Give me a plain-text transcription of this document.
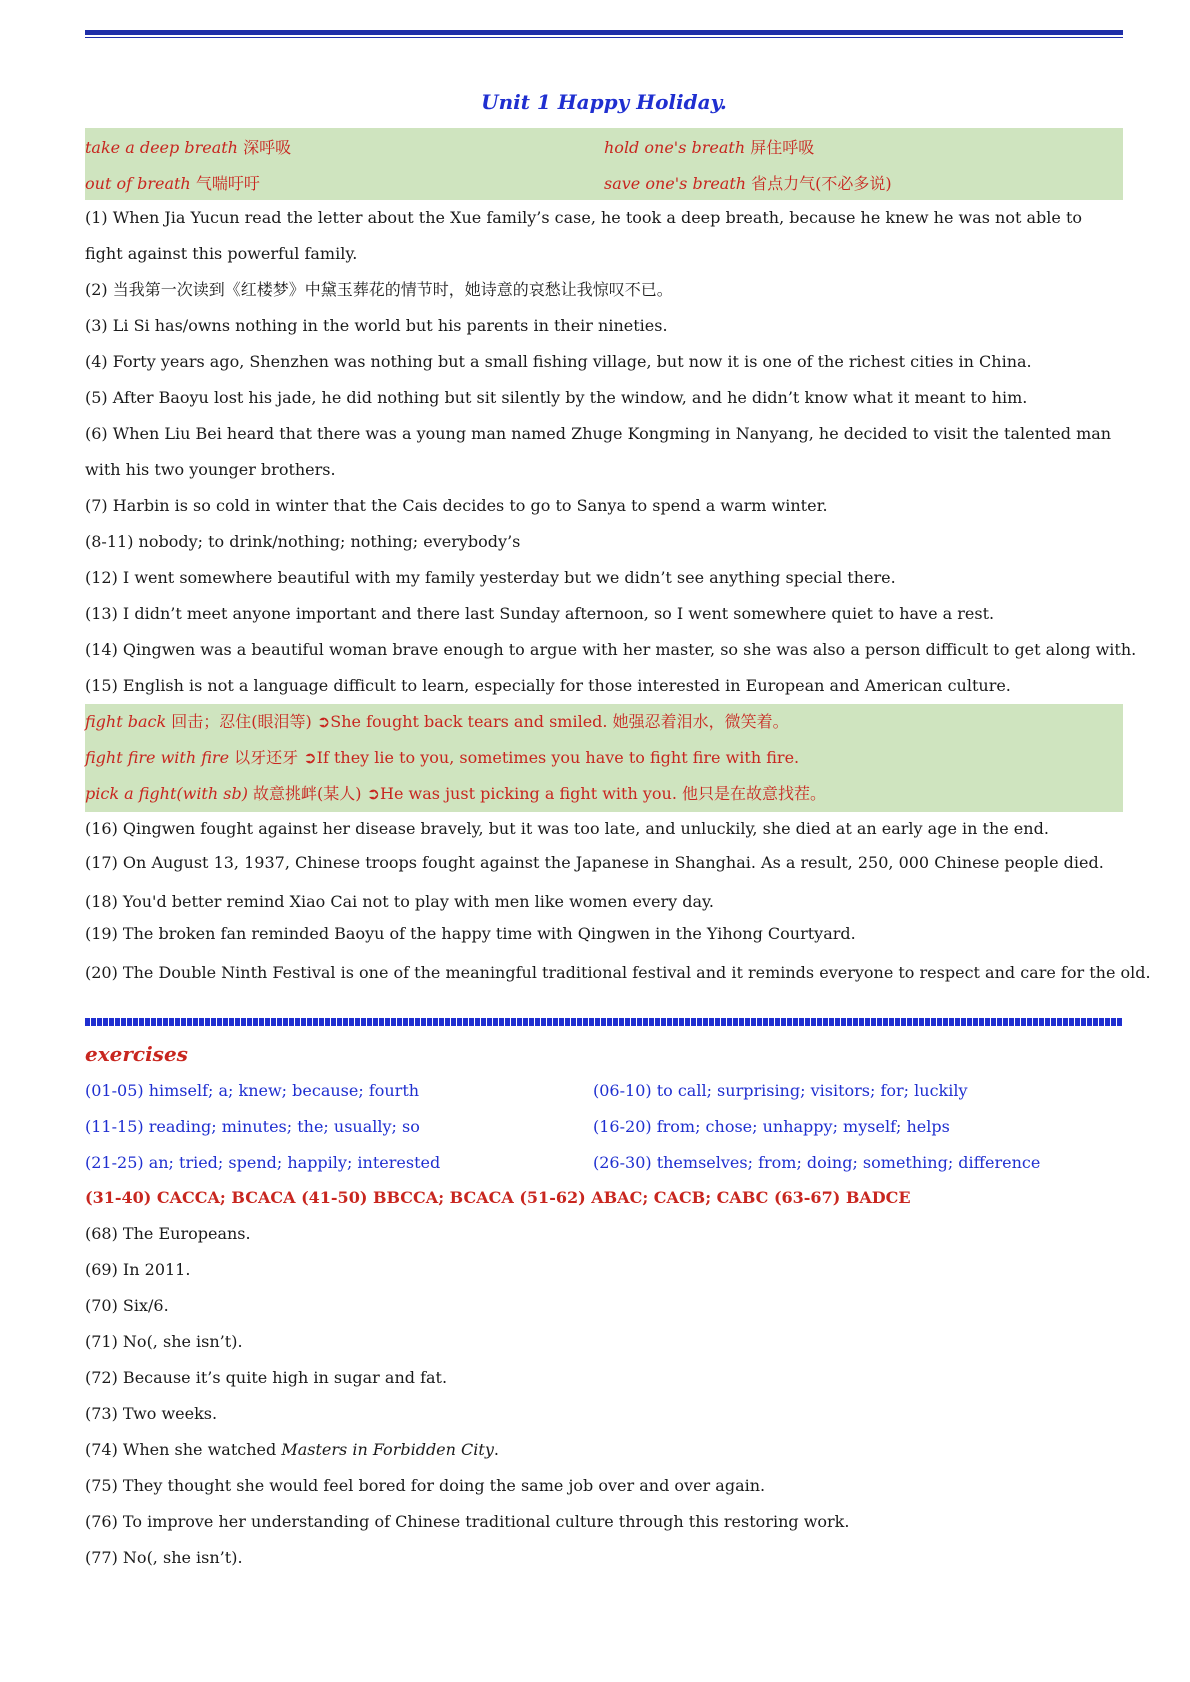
Unit 1 Happy Holiday.
take a deep breath 深呼吸	hold one's breath 屏住呼吸
out of breath 气喘吁吁	save one's breath 省点力气(不必多说)
(1) When Jia Yucun read the letter about the Xue family’s case, he took a deep breath, because he knew he was not able to fight against this powerful family.
(2) 当我第一次读到《红楼梦》中黛玉葬花的情节时，她诗意的哀愁让我惊叹不已。
(3) Li Si has/owns nothing in the world but his parents in their nineties.
(4) Forty years ago, Shenzhen was nothing but a small fishing village, but now it is one of the richest cities in China.
(5) After Baoyu lost his jade, he did nothing but sit silently by the window, and he didn’t know what it meant to him.
(6) When Liu Bei heard that there was a young man named Zhuge Kongming in Nanyang, he decided to visit the talented man with his two younger brothers.
(7) Harbin is so cold in winter that the Cais decides to go to Sanya to spend a warm winter.
(8-11) nobody; to drink/nothing; nothing; everybody’s
(12) I went somewhere beautiful with my family yesterday but we didn’t see anything special there.
(13) I didn’t meet anyone important and there last Sunday afternoon, so I went somewhere quiet to have a rest.
(14) Qingwen was a beautiful woman brave enough to argue with her master, so she was also a person difficult to get along with.
(15) English is not a language difficult to learn, especially for those interested in European and American culture.
fight back 回击；忍住(眼泪等) ➲She fought back tears and smiled. 她强忍着泪水，微笑着。
fight fire with fire 以牙还牙 ➲If they lie to you, sometimes you have to fight fire with fire.
pick a fight(with sb) 故意挑衅(某人) ➲He was just picking a fight with you. 他只是在故意找茬。
(16) Qingwen fought against her disease bravely, but it was too late, and unluckily, she died at an early age in the end.
(17) On August 13, 1937, Chinese troops fought against the Japanese in Shanghai. As a result, 250, 000 Chinese people died.
(18) You'd better remind Xiao Cai not to play with men like women every day.
(19) The broken fan reminded Baoyu of the happy time with Qingwen in the Yihong Courtyard.
(20) The Double Ninth Festival is one of the meaningful traditional festival and it reminds everyone to respect and care for the old.
exercises
(01-05) himself; a; knew; because; fourth	(06-10) to call; surprising; visitors; for; luckily
(11-15) reading; minutes; the; usually; so	(16-20) from; chose; unhappy; myself; helps
(21-25) an; tried; spend; happily; interested	(26-30) themselves; from; doing; something; difference
(31-40) CACCA; BCACA (41-50) BBCCA; BCACA (51-62) ABAC; CACB; CABC (63-67) BADCE
(68) The Europeans.
(69) In 2011.
(70) Six/6.
(71) No(, she isn’t).
(72) Because it’s quite high in sugar and fat.
(73) Two weeks.
(74) When she watched Masters in Forbidden City.
(75) They thought she would feel bored for doing the same job over and over again.
(76) To improve her understanding of Chinese traditional culture through this restoring work.
(77) No(, she isn’t).
